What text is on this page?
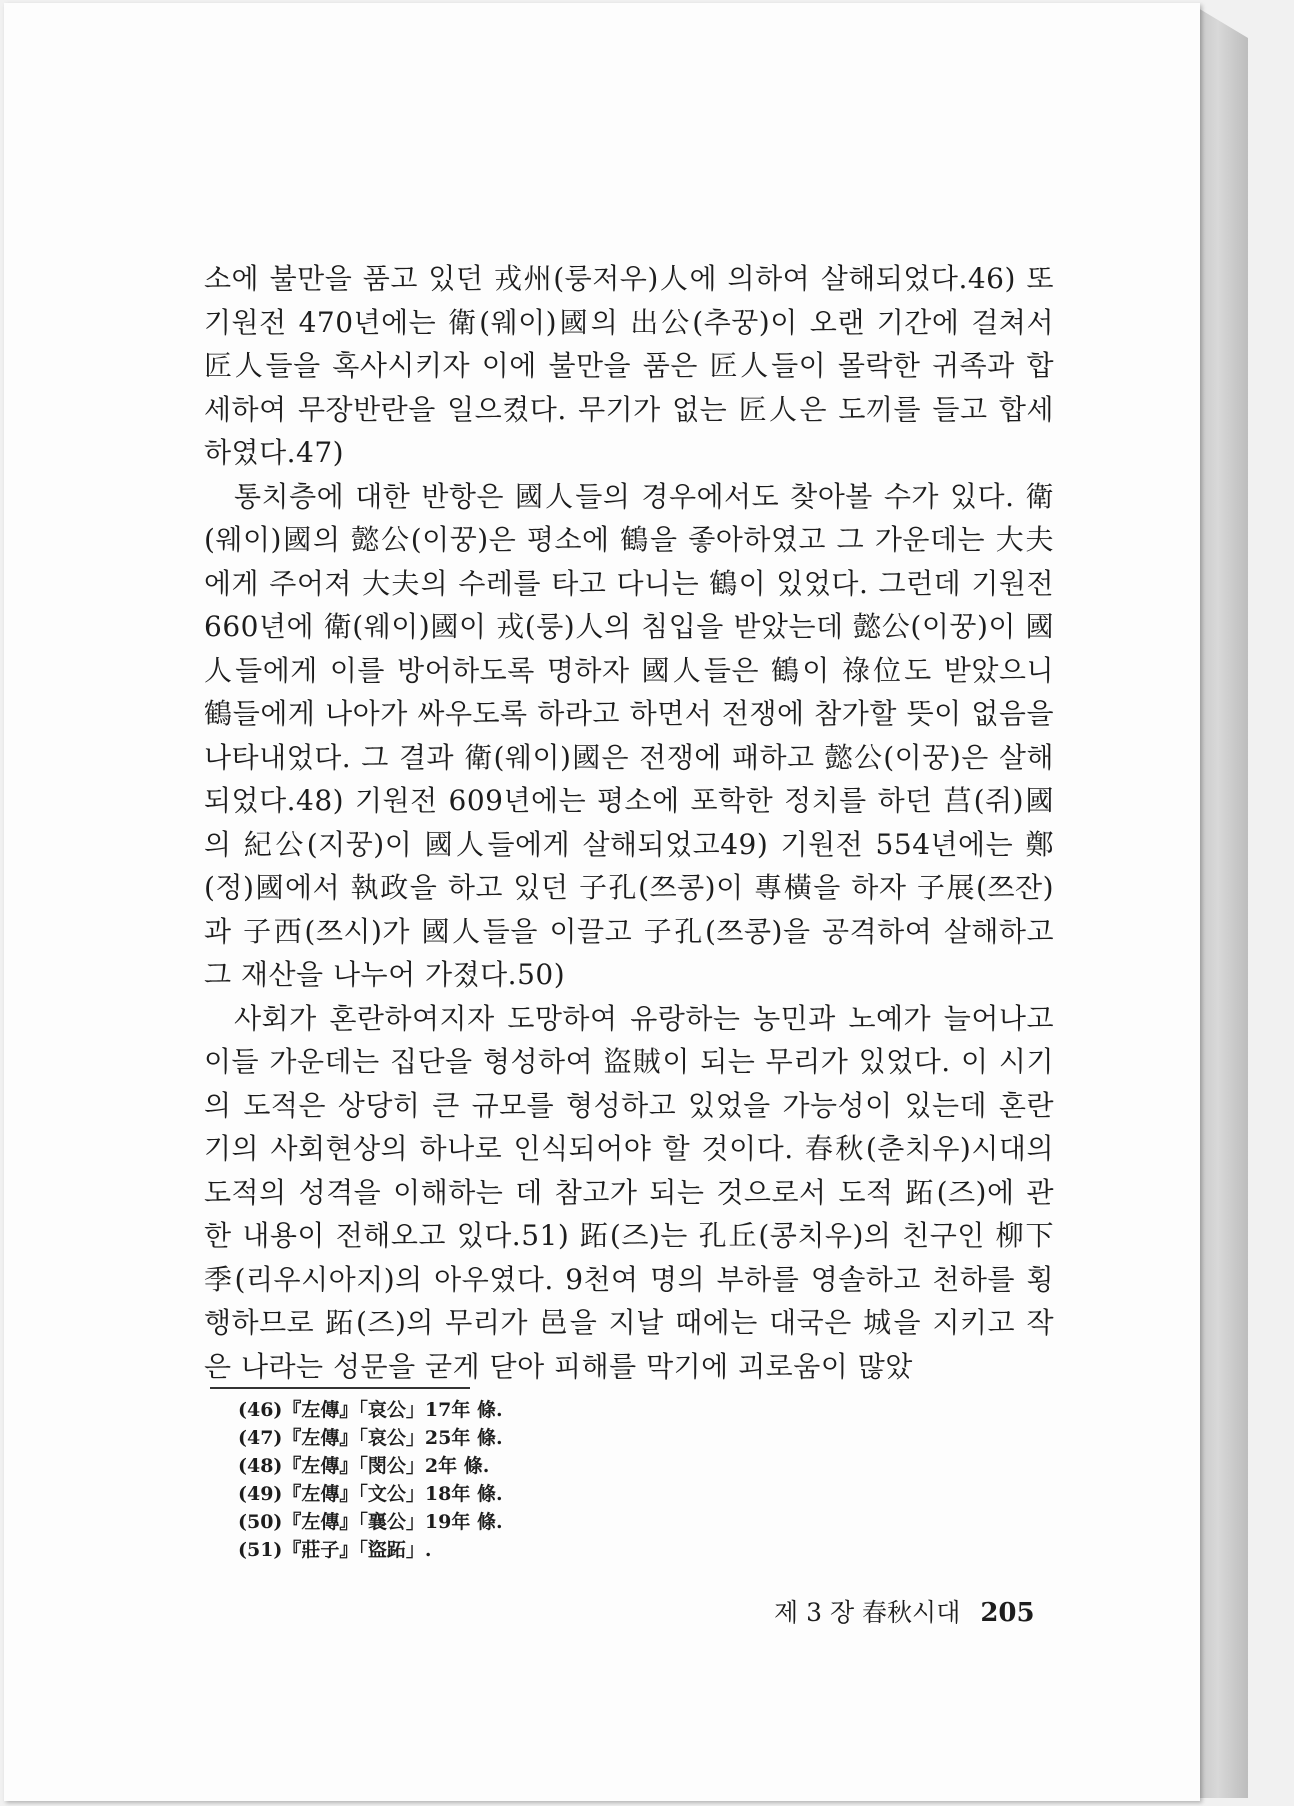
소에 불만을 품고 있던 戎州(룽저우)人에 의하여 살해되었다.46) 또 기원전 470년에는 衛(웨이)國의 出公(추꿍)이 오랜 기간에 걸쳐서 匠人들을 혹사시키자 이에 불만을 품은 匠人들이 몰락한 귀족과 합세하여 무장반란을 일으켰다. 무기가 없는 匠人은 도끼를 들고 합세하였다.47)

통치층에 대한 반항은 國人들의 경우에서도 찾아볼 수가 있다. 衛(웨이)國의 懿公(이꿍)은 평소에 鶴을 좋아하였고 그 가운데는 大夫에게 주어져 大夫의 수레를 타고 다니는 鶴이 있었다. 그런데 기원전 660년에 衛(웨이)國이 戎(룽)人의 침입을 받았는데 懿公(이꿍)이 國人들에게 이를 방어하도록 명하자 國人들은 鶴이 祿位도 받았으니 鶴들에게 나아가 싸우도록 하라고 하면서 전쟁에 참가할 뜻이 없음을 나타내었다. 그 결과 衛(웨이)國은 전쟁에 패하고 懿公(이꿍)은 살해되었다.48) 기원전 609년에는 평소에 포학한 정치를 하던 莒(쥐)國의 紀公(지꿍)이 國人들에게 살해되었고49) 기원전 554년에는 鄭(정)國에서 執政을 하고 있던 子孔(쯔콩)이 專橫을 하자 子展(쯔잔)과 子西(쯔시)가 國人들을 이끌고 子孔(쯔콩)을 공격하여 살해하고 그 재산을 나누어 가졌다.50)

사회가 혼란하여지자 도망하여 유랑하는 농민과 노예가 늘어나고 이들 가운데는 집단을 형성하여 盜賊이 되는 무리가 있었다. 이 시기의 도적은 상당히 큰 규모를 형성하고 있었을 가능성이 있는데 혼란기의 사회현상의 하나로 인식되어야 할 것이다. 春秋(춘치우)시대의 도적의 성격을 이해하는 데 참고가 되는 것으로서 도적 跖(즈)에 관한 내용이 전해오고 있다.51) 跖(즈)는 孔丘(콩치우)의 친구인 柳下季(리우시아지)의 아우였다. 9천여 명의 부하를 영솔하고 천하를 횡행하므로 跖(즈)의 무리가 邑을 지날 때에는 대국은 城을 지키고 작은 나라는 성문을 굳게 닫아 피해를 막기에 괴로움이 많았

(46)『左傳』「哀公」17年 條.
(47)『左傳』「哀公」25年 條.
(48)『左傳』「閔公」2年 條.
(49)『左傳』「文公」18年 條.
(50)『左傳』「襄公」19年 條.
(51)『莊子』「盜跖」.
제 3 장 春秋시대 205
